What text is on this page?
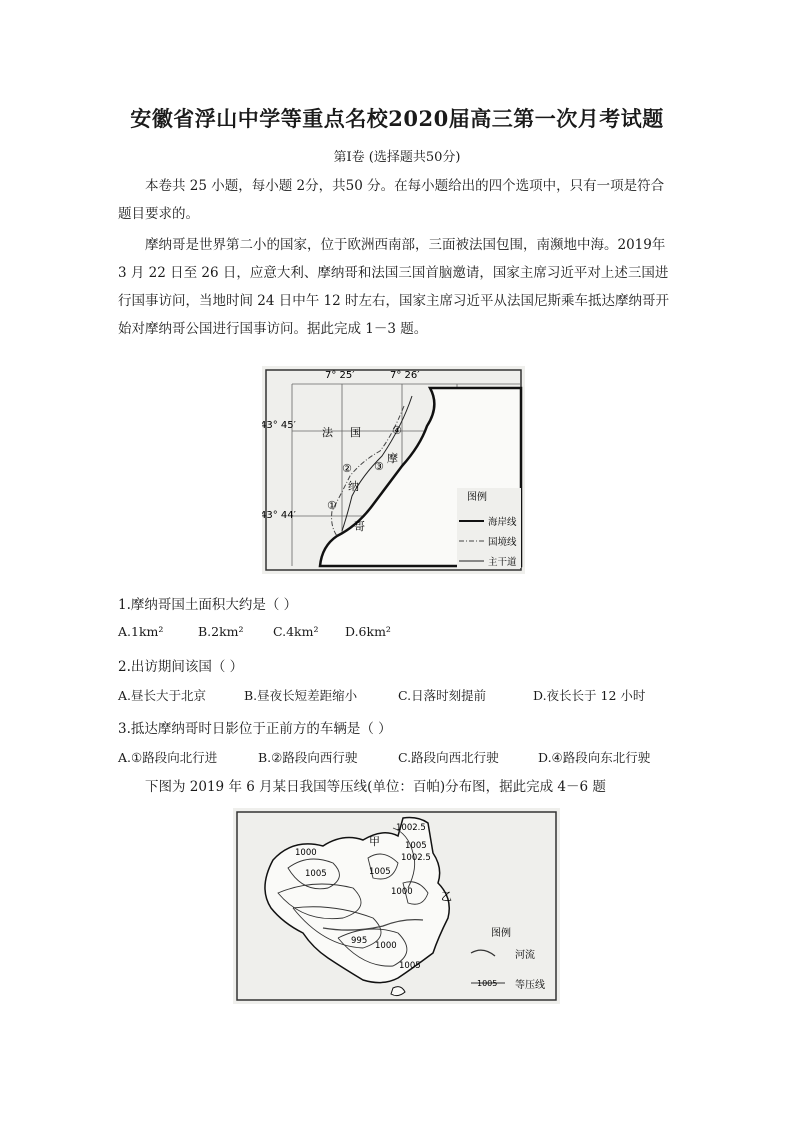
安徽省浮山中学等重点名校2020届高三第一次月考试题
第Ⅰ卷 (选择题共50分)

本卷共 25 小题，每小题 2分，共50 分。在每小题给出的四个选项中，只有一项是符合题目要求的。

摩纳哥是世界第二小的国家，位于欧洲西南部，三面被法国包围，南濒地中海。2019年 3 月 22 日至 26 日，应意大利、摩纳哥和法国三国首脑邀请，国家主席习近平对上述三国进行国事访问，当地时间 24 日中午 12 时左右，国家主席习近平从法国尼斯乘车抵达摩纳哥开始对摩纳哥公国进行国事访问。据此完成 1－3 题。

7° 25′	7° 26′
43° 45′
43° 44′
法 国
摩
纳
哥
①
② ③
④
图例
海岸线
国境线
主干道
1.摩纳哥国土面积大约是（ ）
A.1km²	B.2km²	C.4km²	D.6km²
2.出访期间该国（ ）
A.昼长大于北京	B.昼夜长短差距缩小	C.日落时刻提前	D.夜长长于 12 小时
3.抵达摩纳哥时日影位于正前方的车辆是（ ）
A.①路段向北行进	B.②路段向西行驶	C.路段向西北行驶	D.④路段向东北行驶

下图为 2019 年 6 月某日我国等压线(单位：百帕)分布图，据此完成 4－6 题

1002.5
1002.5
1005
1005	1005
1000
1000
995 1000
1005
甲
乙
图例
河流
1005 等压线
